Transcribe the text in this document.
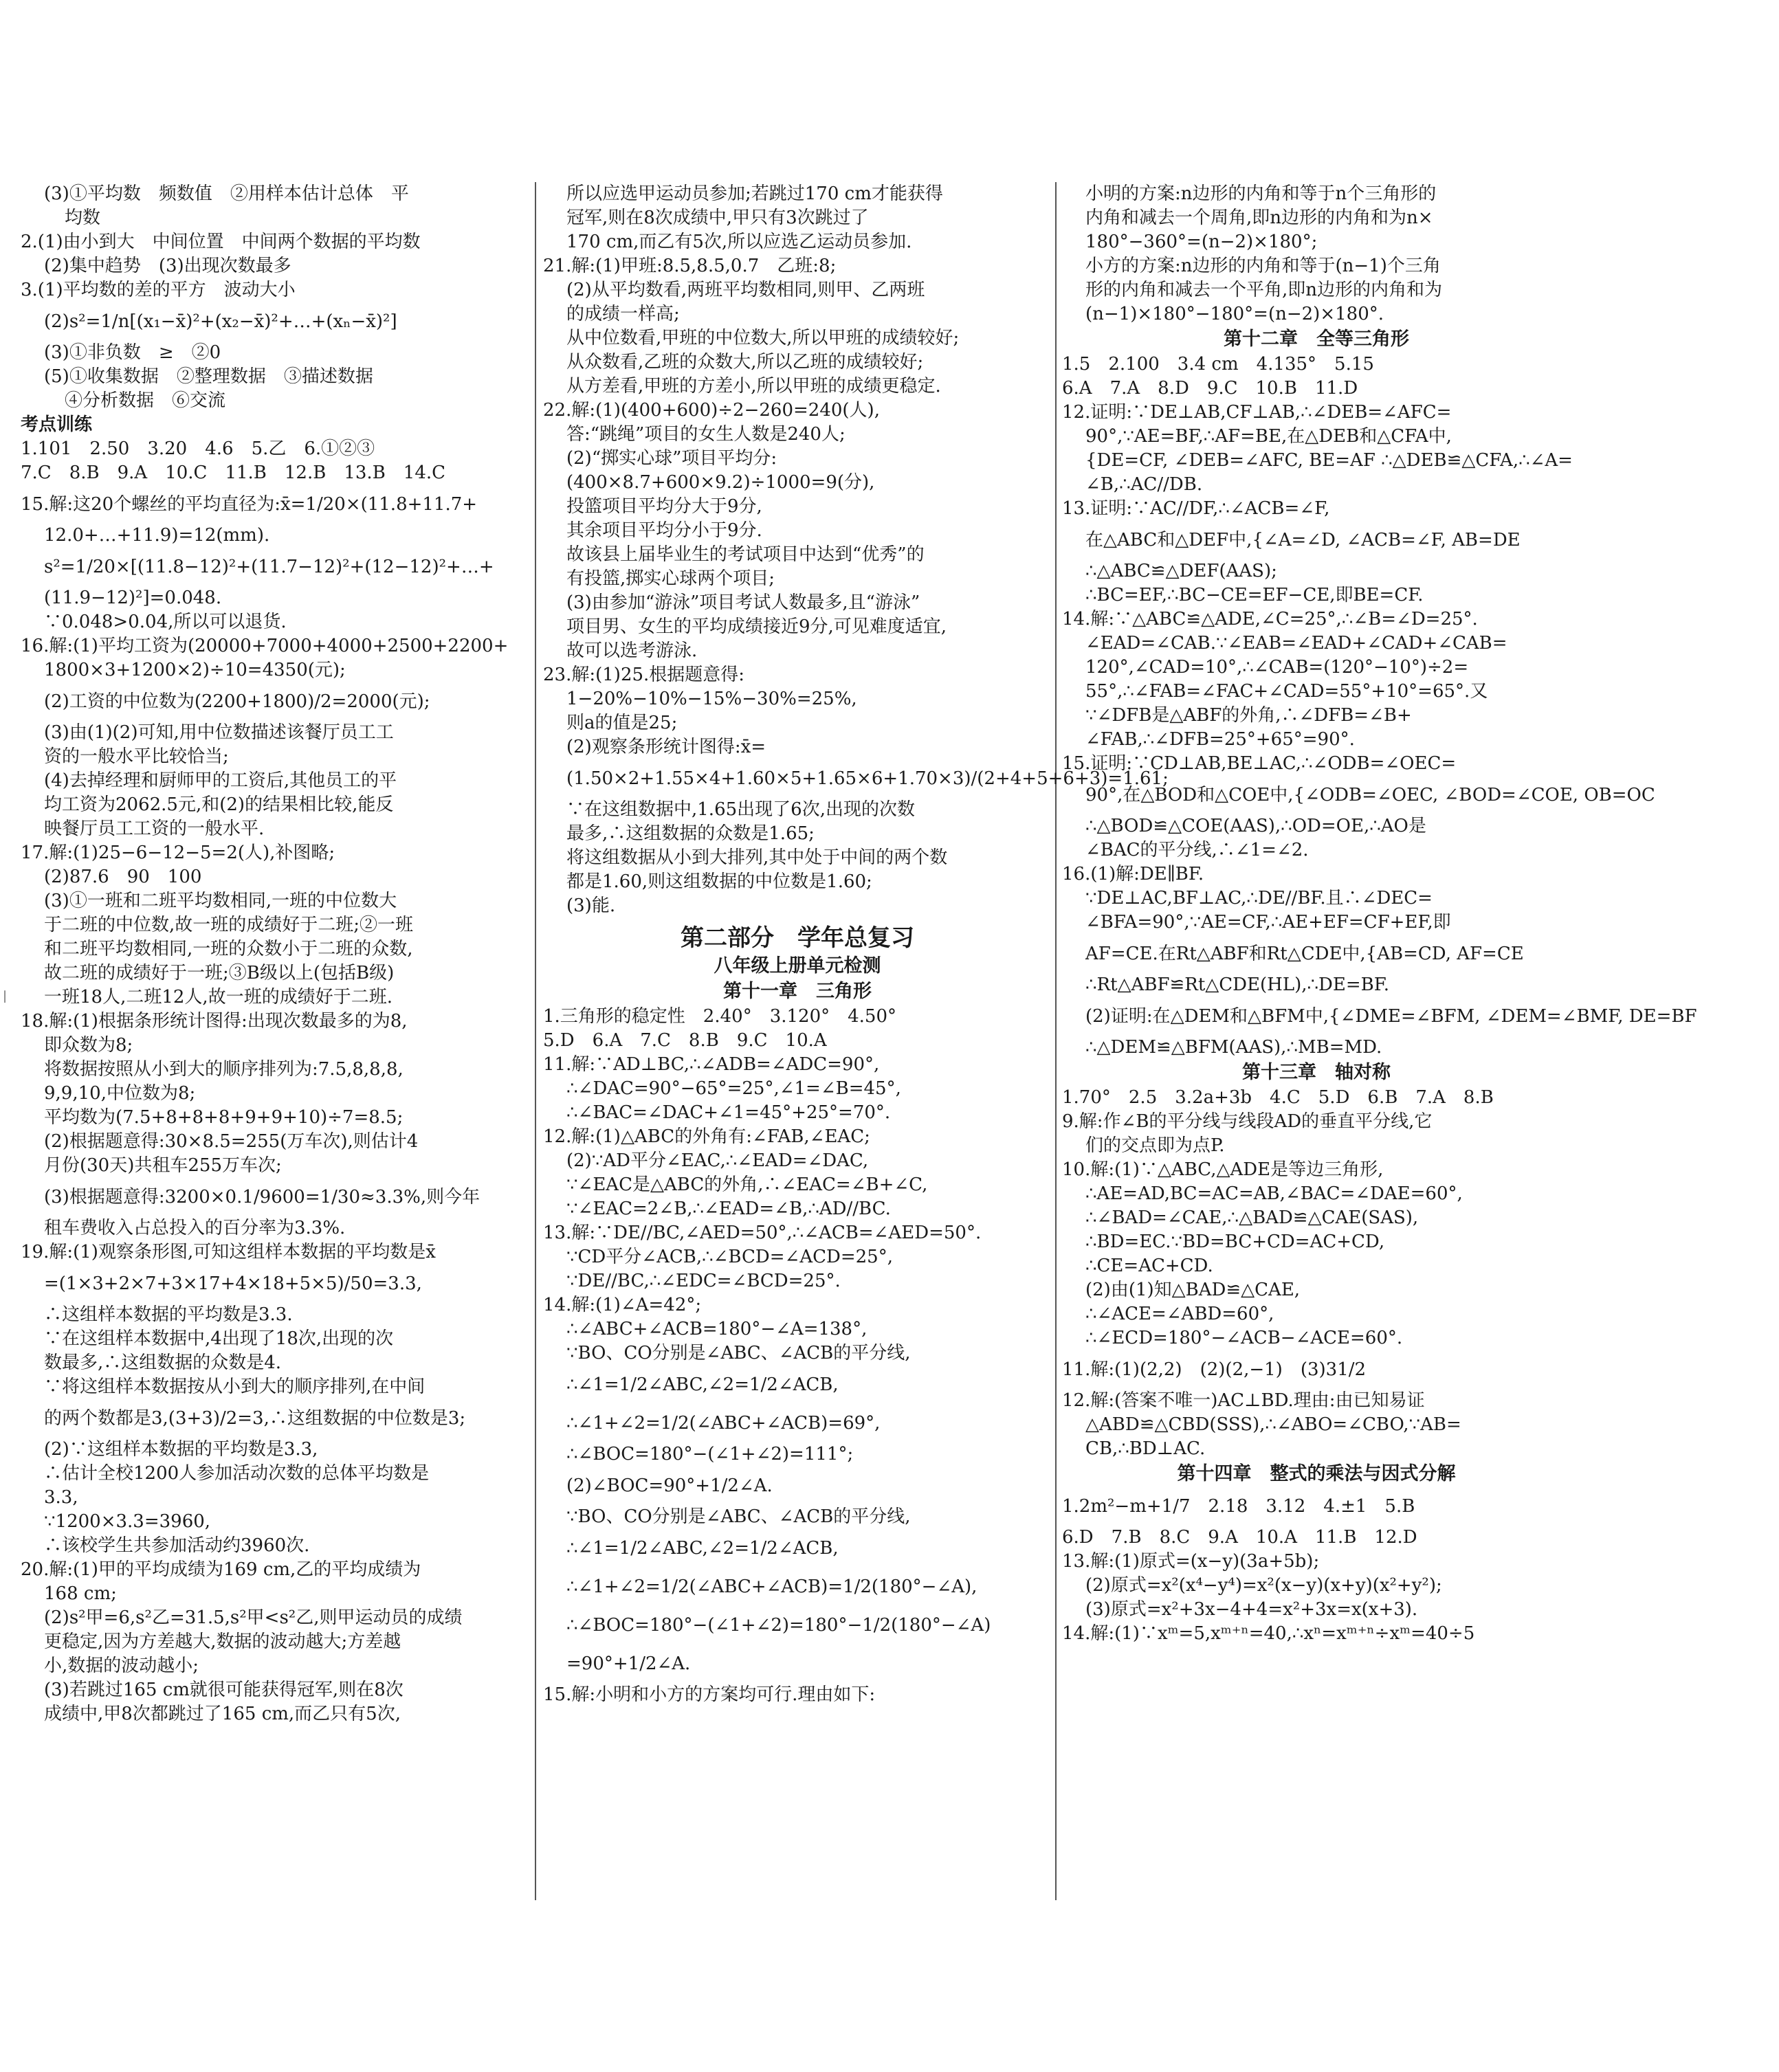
|
(3)①平均数　频数值　②用样本估计总体　平
均数
2.(1)由小到大　中间位置　中间两个数据的平均数
(2)集中趋势　(3)出现次数最多
3.(1)平均数的差的平方　波动大小
(2)s²=1/n[(x₁−x̄)²+(x₂−x̄)²+…+(xₙ−x̄)²]
(3)①非负数　≥　②0
(5)①收集数据　②整理数据　③描述数据
④分析数据　⑥交流
考点训练
1.101　2.50　3.20　4.6　5.乙　6.①②③
7.C　8.B　9.A　10.C　11.B　12.B　13.B　14.C
15.解:这20个螺丝的平均直径为:x̄=1/20×(11.8+11.7+
12.0+…+11.9)=12(mm).
s²=1/20×[(11.8−12)²+(11.7−12)²+(12−12)²+…+
(11.9−12)²]=0.048.
∵0.048>0.04,所以可以退货.
16.解:(1)平均工资为(20000+7000+4000+2500+2200+
1800×3+1200×2)÷10=4350(元);
(2)工资的中位数为(2200+1800)/2=2000(元);
(3)由(1)(2)可知,用中位数描述该餐厅员工工
资的一般水平比较恰当;
(4)去掉经理和厨师甲的工资后,其他员工的平
均工资为2062.5元,和(2)的结果相比较,能反
映餐厅员工工资的一般水平.
17.解:(1)25−6−12−5=2(人),补图略;
(2)87.6　90　100
(3)①一班和二班平均数相同,一班的中位数大
于二班的中位数,故一班的成绩好于二班;②一班
和二班平均数相同,一班的众数小于二班的众数,
故二班的成绩好于一班;③B级以上(包括B级)
一班18人,二班12人,故一班的成绩好于二班.
18.解:(1)根据条形统计图得:出现次数最多的为8,
即众数为8;
将数据按照从小到大的顺序排列为:7.5,8,8,8,
9,9,10,中位数为8;
平均数为(7.5+8+8+8+9+9+10)÷7=8.5;
(2)根据题意得:30×8.5=255(万车次),则估计4
月份(30天)共租车255万车次;
(3)根据题意得:3200×0.1/9600=1/30≈3.3%,则今年
租车费收入占总投入的百分率为3.3%.
19.解:(1)观察条形图,可知这组样本数据的平均数是x̄
=(1×3+2×7+3×17+4×18+5×5)/50=3.3,
∴这组样本数据的平均数是3.3.
∵在这组样本数据中,4出现了18次,出现的次
数最多,∴这组数据的众数是4.
∵将这组样本数据按从小到大的顺序排列,在中间
的两个数都是3,(3+3)/2=3,∴这组数据的中位数是3;
(2)∵这组样本数据的平均数是3.3,
∴估计全校1200人参加活动次数的总体平均数是
3.3,
∵1200×3.3=3960,
∴该校学生共参加活动约3960次.
20.解:(1)甲的平均成绩为169 cm,乙的平均成绩为
168 cm;
(2)s²甲=6,s²乙=31.5,s²甲<s²乙,则甲运动员的成绩
更稳定,因为方差越大,数据的波动越大;方差越
小,数据的波动越小;
(3)若跳过165 cm就很可能获得冠军,则在8次
成绩中,甲8次都跳过了165 cm,而乙只有5次,
所以应选甲运动员参加;若跳过170 cm才能获得
冠军,则在8次成绩中,甲只有3次跳过了
170 cm,而乙有5次,所以应选乙运动员参加.
21.解:(1)甲班:8.5,8.5,0.7　乙班:8;
(2)从平均数看,两班平均数相同,则甲、乙两班
的成绩一样高;
从中位数看,甲班的中位数大,所以甲班的成绩较好;
从众数看,乙班的众数大,所以乙班的成绩较好;
从方差看,甲班的方差小,所以甲班的成绩更稳定.
22.解:(1)(400+600)÷2−260=240(人),
答:“跳绳”项目的女生人数是240人;
(2)“掷实心球”项目平均分:
(400×8.7+600×9.2)÷1000=9(分),
投篮项目平均分大于9分,
其余项目平均分小于9分.
故该县上届毕业生的考试项目中达到“优秀”的
有投篮,掷实心球两个项目;
(3)由参加“游泳”项目考试人数最多,且“游泳”
项目男、女生的平均成绩接近9分,可见难度适宜,
故可以选考游泳.
23.解:(1)25.根据题意得:
1−20%−10%−15%−30%=25%,
则a的值是25;
(2)观察条形统计图得:x̄=
(1.50×2+1.55×4+1.60×5+1.65×6+1.70×3)/(2+4+5+6+3)=1.61;
∵在这组数据中,1.65出现了6次,出现的次数
最多,∴这组数据的众数是1.65;
将这组数据从小到大排列,其中处于中间的两个数
都是1.60,则这组数据的中位数是1.60;
(3)能.
第二部分　学年总复习
八年级上册单元检测
第十一章　三角形
1.三角形的稳定性　2.40°　3.120°　4.50°
5.D　6.A　7.C　8.B　9.C　10.A
11.解:∵AD⊥BC,∴∠ADB=∠ADC=90°,
∴∠DAC=90°−65°=25°,∠1=∠B=45°,
∴∠BAC=∠DAC+∠1=45°+25°=70°.
12.解:(1)△ABC的外角有:∠FAB,∠EAC;
(2)∵AD平分∠EAC,∴∠EAD=∠DAC,
∵∠EAC是△ABC的外角,∴∠EAC=∠B+∠C,
∵∠EAC=2∠B,∴∠EAD=∠B,∴AD//BC.
13.解:∵DE//BC,∠AED=50°,∴∠ACB=∠AED=50°.
∵CD平分∠ACB,∴∠BCD=∠ACD=25°,
∵DE//BC,∴∠EDC=∠BCD=25°.
14.解:(1)∠A=42°;
∴∠ABC+∠ACB=180°−∠A=138°,
∵BO、CO分别是∠ABC、∠ACB的平分线,
∴∠1=1/2∠ABC,∠2=1/2∠ACB,
∴∠1+∠2=1/2(∠ABC+∠ACB)=69°,
∴∠BOC=180°−(∠1+∠2)=111°;
(2)∠BOC=90°+1/2∠A.
∵BO、CO分别是∠ABC、∠ACB的平分线,
∴∠1=1/2∠ABC,∠2=1/2∠ACB,
∴∠1+∠2=1/2(∠ABC+∠ACB)=1/2(180°−∠A),
∴∠BOC=180°−(∠1+∠2)=180°−1/2(180°−∠A)
=90°+1/2∠A.
15.解:小明和小方的方案均可行.理由如下:
小明的方案:n边形的内角和等于n个三角形的
内角和减去一个周角,即n边形的内角和为n×
180°−360°=(n−2)×180°;
小方的方案:n边形的内角和等于(n−1)个三角
形的内角和减去一个平角,即n边形的内角和为
(n−1)×180°−180°=(n−2)×180°.
第十二章　全等三角形
1.5　2.100　3.4 cm　4.135°　5.15
6.A　7.A　8.D　9.C　10.B　11.D
12.证明:∵DE⊥AB,CF⊥AB,∴∠DEB=∠AFC=
90°,∵AE=BF,∴AF=BE,在△DEB和△CFA中,
{DE=CF, ∠DEB=∠AFC, BE=AF ∴△DEB≌△CFA,∴∠A=
∠B,∴AC//DB.
13.证明:∵AC//DF,∴∠ACB=∠F,
在△ABC和△DEF中,{∠A=∠D, ∠ACB=∠F, AB=DE
∴△ABC≌△DEF(AAS);
∴BC=EF,∴BC−CE=EF−CE,即BE=CF.
14.解:∵△ABC≌△ADE,∠C=25°,∴∠B=∠D=25°.
∠EAD=∠CAB.∵∠EAB=∠EAD+∠CAD+∠CAB=
120°,∠CAD=10°,∴∠CAB=(120°−10°)÷2=
55°,∴∠FAB=∠FAC+∠CAD=55°+10°=65°.又
∵∠DFB是△ABF的外角,∴∠DFB=∠B+
∠FAB,∴∠DFB=25°+65°=90°.
15.证明:∵CD⊥AB,BE⊥AC,∴∠ODB=∠OEC=
90°,在△BOD和△COE中,{∠ODB=∠OEC, ∠BOD=∠COE, OB=OC
∴△BOD≌△COE(AAS),∴OD=OE,∴AO是
∠BAC的平分线,∴∠1=∠2.
16.(1)解:DE∥BF.
∵DE⊥AC,BF⊥AC,∴DE//BF.且∴∠DEC=
∠BFA=90°,∵AE=CF,∴AE+EF=CF+EF,即
AF=CE.在Rt△ABF和Rt△CDE中,{AB=CD, AF=CE
∴Rt△ABF≌Rt△CDE(HL),∴DE=BF.
(2)证明:在△DEM和△BFM中,{∠DME=∠BFM, ∠DEM=∠BMF, DE=BF
∴△DEM≌△BFM(AAS),∴MB=MD.
第十三章　轴对称
1.70°　2.5　3.2a+3b　4.C　5.D　6.B　7.A　8.B
9.解:作∠B的平分线与线段AD的垂直平分线,它
们的交点即为点P.
10.解:(1)∵△ABC,△ADE是等边三角形,
∴AE=AD,BC=AC=AB,∠BAC=∠DAE=60°,
∴∠BAD=∠CAE,∴△BAD≌△CAE(SAS),
∴BD=EC.∵BD=BC+CD=AC+CD,
∴CE=AC+CD.
(2)由(1)知△BAD≌△CAE,
∴∠ACE=∠ABD=60°,
∴∠ECD=180°−∠ACB−∠ACE=60°.
11.解:(1)(2,2)　(2)(2,−1)　(3)31/2
12.解:(答案不唯一)AC⊥BD.理由:由已知易证
△ABD≌△CBD(SSS),∴∠ABO=∠CBO,∵AB=
CB,∴BD⊥AC.
第十四章　整式的乘法与因式分解
1.2m²−m+1/7　2.18　3.12　4.±1　5.B
6.D　7.B　8.C　9.A　10.A　11.B　12.D
13.解:(1)原式=(x−y)(3a+5b);
(2)原式=x²(x⁴−y⁴)=x²(x−y)(x+y)(x²+y²);
(3)原式=x²+3x−4+4=x²+3x=x(x+3).
14.解:(1)∵xᵐ=5,xᵐ⁺ⁿ=40,∴xⁿ=xᵐ⁺ⁿ÷xᵐ=40÷5
